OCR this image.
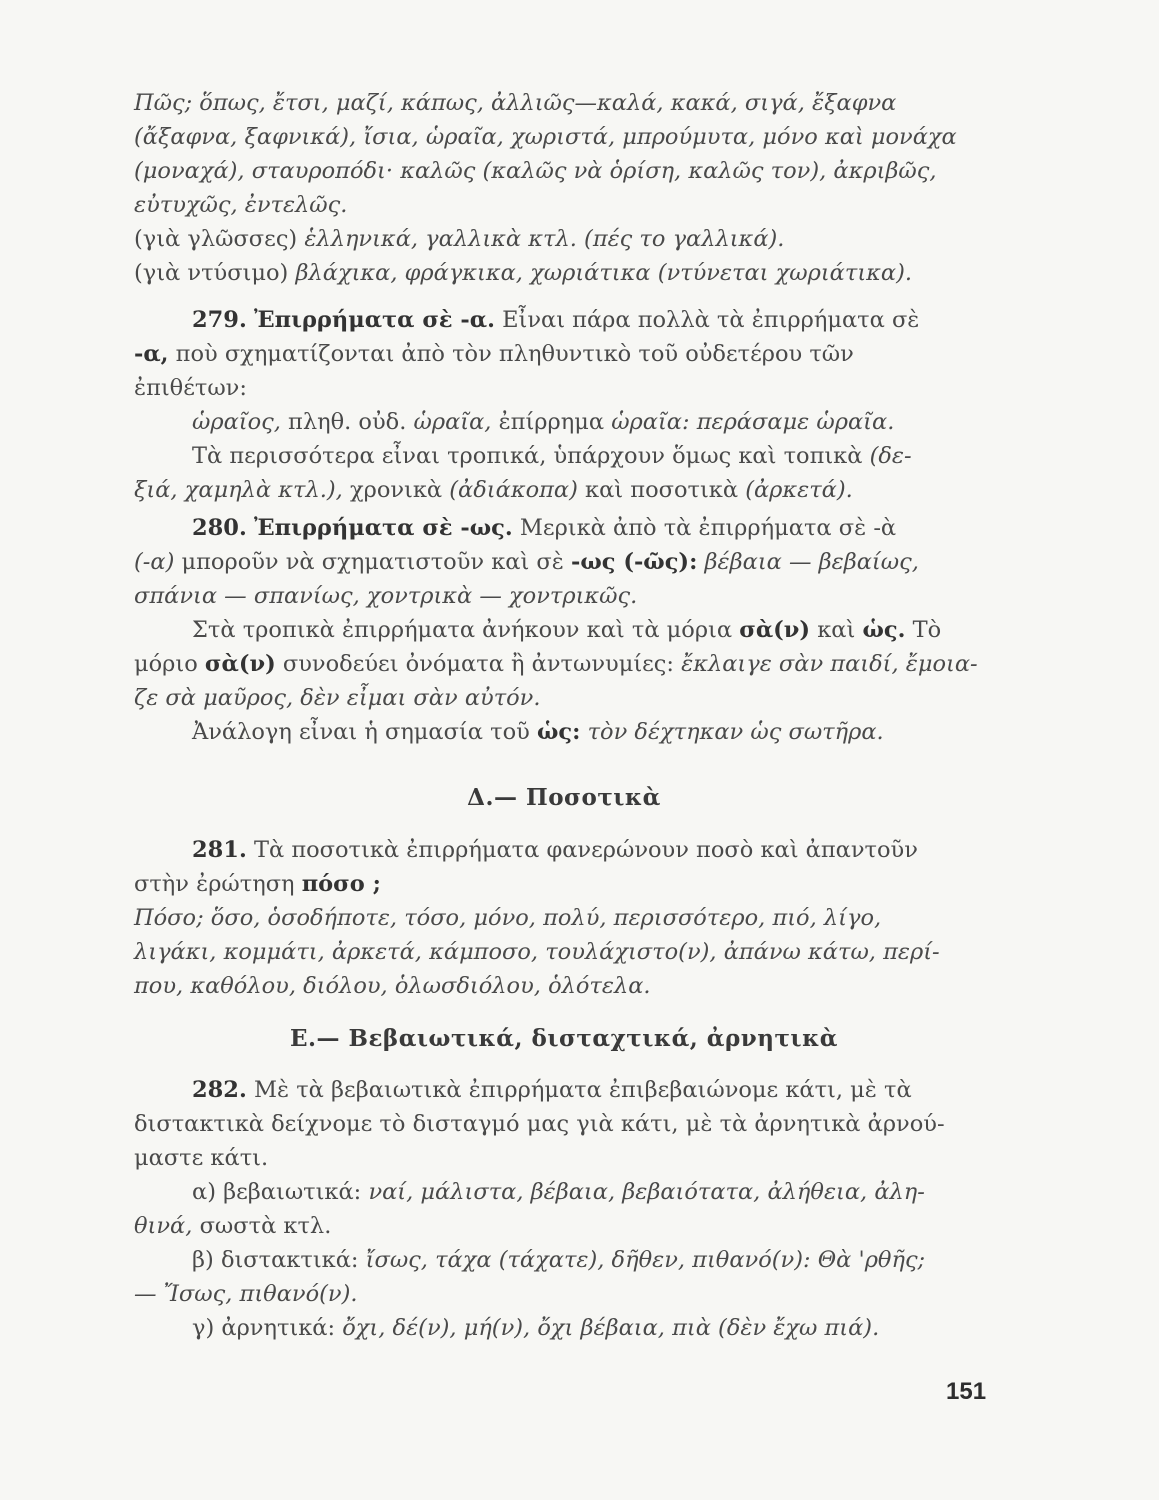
Πῶς; ὅπως, ἔτσι, μαζί, κάπως, ἀλλιῶς—καλά, κακά, σιγά, ἔξαφνα
(ἄξαφνα, ξαφνικά), ἴσια, ὡραῖα, χωριστά, μπρούμυτα, μόνο καὶ μονάχα
(μοναχά), σταυροπόδι· καλῶς (καλῶς νὰ ὁρίση, καλῶς τον), ἀκριβῶς,
εὐτυχῶς, ἐντελῶς.
(γιὰ γλῶσσες) ἑλληνικά, γαλλικὰ κτλ. (πές το γαλλικά).
(γιὰ ντύσιμο) βλάχικα, φράγκικα, χωριάτικα (ντύνεται χωριάτικα).
279. Ἐπιρρήματα σὲ -α. Εἶναι πάρα πολλὰ τὰ ἐπιρρήματα σὲ
-α, ποὺ σχηματίζονται ἀπὸ τὸν πληθυντικὸ τοῦ οὐδετέρου τῶν
ἐπιθέτων:
ὡραῖος, πληθ. οὐδ. ὡραῖα, ἐπίρρημα ὡραῖα: περάσαμε ὡραῖα.
Τὰ περισσότερα εἶναι τροπικά, ὑπάρχουν ὅμως καὶ τοπικὰ (δε-
ξιά, χαμηλὰ κτλ.), χρονικὰ (ἀδιάκοπα) καὶ ποσοτικὰ (ἀρκετά).
280. Ἐπιρρήματα σὲ -ως. Μερικὰ ἀπὸ τὰ ἐπιρρήματα σὲ -ὰ
(-α) μποροῦν νὰ σχηματιστοῦν καὶ σὲ -ως (-ῶς): βέβαια — βεβαίως,
σπάνια — σπανίως, χοντρικὰ — χοντρικῶς.
Στὰ τροπικὰ ἐπιρρήματα ἀνήκουν καὶ τὰ μόρια σὰ(ν) καὶ ὡς. Τὸ
μόριο σὰ(ν) συνοδεύει ὀνόματα ἢ ἀντωνυμίες: ἔκλαιγε σὰν παιδί, ἔμοια-
ζε σὰ μαῦρος, δὲν εἶμαι σὰν αὐτόν.
Ἀνάλογη εἶναι ἡ σημασία τοῦ ὡς: τὸν δέχτηκαν ὡς σωτῆρα.
Δ.— Ποσοτικὰ
281. Τὰ ποσοτικὰ ἐπιρρήματα φανερώνουν ποσὸ καὶ ἀπαντοῦν
στὴν ἐρώτηση πόσο ;
Πόσο; ὅσο, ὁσοδήποτε, τόσο, μόνο, πολύ, περισσότερο, πιό, λίγο,
λιγάκι, κομμάτι, ἀρκετά, κάμποσο, τουλάχιστο(ν), ἀπάνω κάτω, περί-
που, καθόλου, διόλου, ὁλωσδιόλου, ὁλότελα.
Ε.— Βεβαιωτικά, δισταχτικά, ἀρνητικὰ
282. Μὲ τὰ βεβαιωτικὰ ἐπιρρήματα ἐπιβεβαιώνομε κάτι, μὲ τὰ
διστακτικὰ δείχνομε τὸ δισταγμό μας γιὰ κάτι, μὲ τὰ ἀρνητικὰ ἀρνού-
μαστε κάτι.
α) βεβαιωτικά: ναί, μάλιστα, βέβαια, βεβαιότατα, ἀλήθεια, ἀλη-
θινά, σωστὰ κτλ.
β) διστακτικά: ἴσως, τάχα (τάχατε), δῆθεν, πιθανό(ν): Θὰ 'ρθῆς;
— Ἴσως, πιθανό(ν).
γ) ἀρνητικά: ὄχι, δέ(ν), μή(ν), ὄχι βέβαια, πιὰ (δὲν ἔχω πιά).
151
